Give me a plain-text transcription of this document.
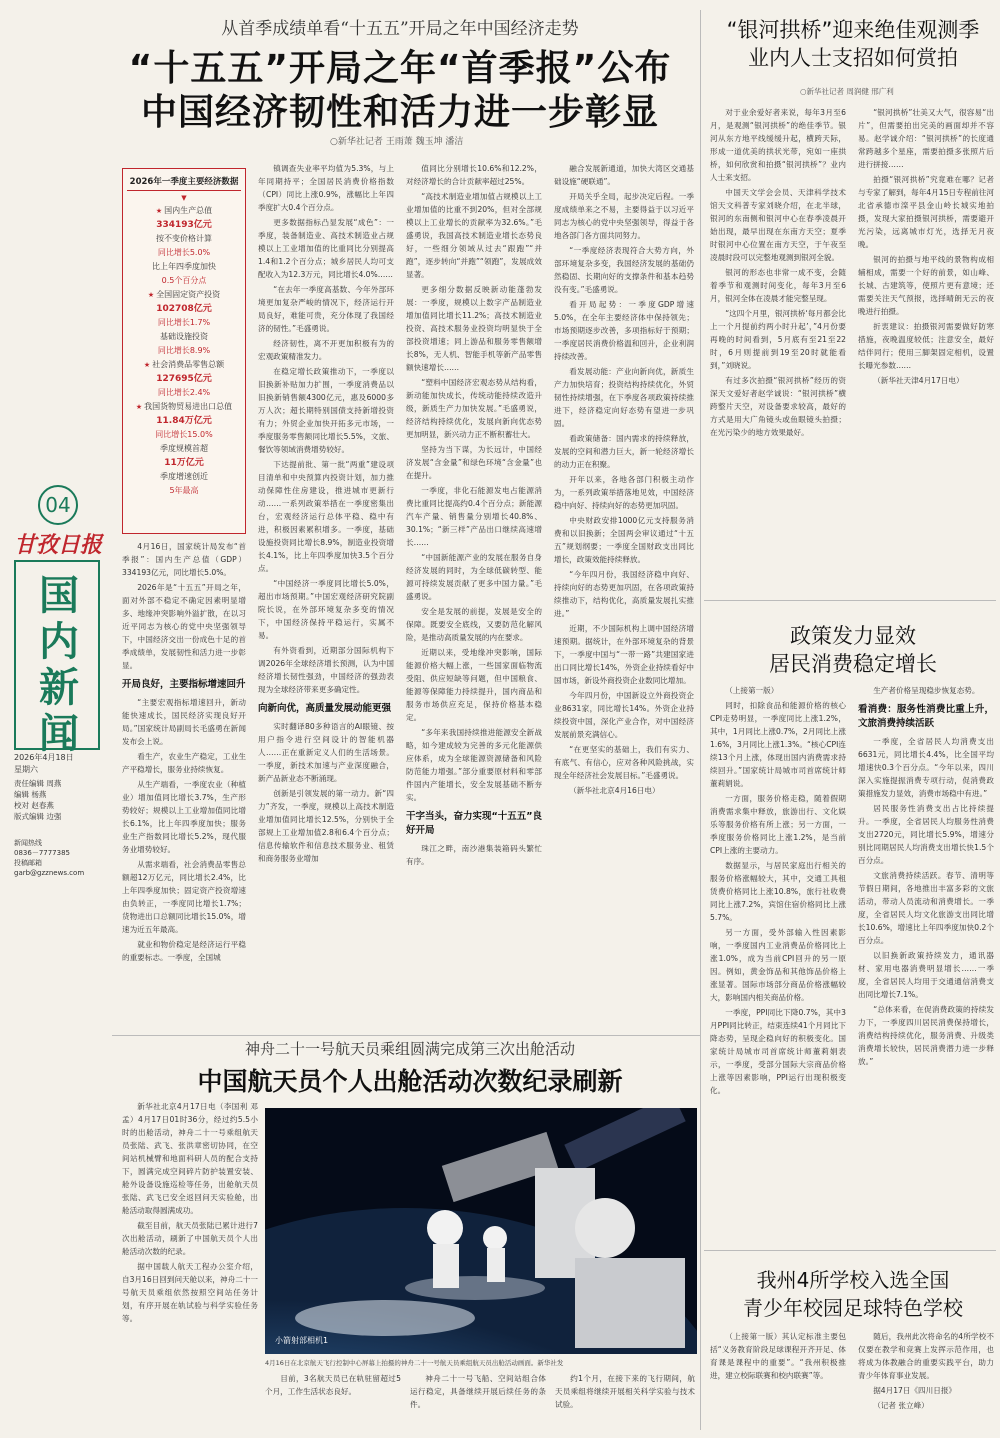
从首季成绩单看“十五五”开局之年中国经济走势
“十五五”开局之年“首季报”公布
中国经济韧性和活力进一步彰显
○新华社记者 王雨萧 魏玉坤 潘洁
04
甘孜日报
国
内
新
闻
2026年4月18日
星期六
责任编辑 周燕
编辑 杨燕
校对 赵春燕
版式编辑 边强
新闻热线
0836－7777385
投稿邮箱
garb@gzznews.com
2026年一季度主要经济数据
▼
★ 国内生产总值
334193亿元
按不变价格计算
同比增长5.0%
比上年四季度加快
0.5个百分点
★ 全国固定资产投资
102708亿元
同比增长1.7%
基础设施投资
同比增长8.9%
★ 社会消费品零售总额
127695亿元
同比增长2.4%
★ 我国货物贸易进出口总值
11.84万亿元
同比增长15.0%
季度规模首超
11万亿元
季度增速创近
5年最高

4月16日，国家统计局发布“首季报”：国内生产总值（GDP）334193亿元，同比增长5.0%。

2026年是“十五五”开局之年，面对外部不稳定不确定因素明显增多、地缘冲突影响外溢扩散，在以习近平同志为核心的党中央坚强领导下，中国经济交出一份成色十足的首季成绩单，发展韧性和活力进一步彰显。

开局良好，主要指标增速回升

“主要宏观指标增速回升，新动能快速成长，国民经济实现良好开局。”国家统计局副局长毛盛勇在新闻发布会上说。

看生产，农业生产稳定，工业生产平稳增长，服务业持续恢复。

从生产端看，一季度农业（种植业）增加值同比增长3.7%，生产形势较好；规模以上工业增加值同比增长6.1%，比上年四季度加快；服务业生产指数同比增长5.2%，现代服务业增势较好。

从需求端看，社会消费品零售总额超12万亿元，同比增长2.4%，比上年四季度加快；固定资产投资增速由负转正，一季度同比增长1.7%；货物进出口总额同比增长15.0%，增速为近五年最高。

就业和物价稳定是经济运行平稳的重要标志。一季度，全国城

镇调查失业率平均值为5.3%，与上年同期持平；全国居民消费价格指数（CPI）同比上涨0.9%，涨幅比上年四季度扩大0.4个百分点。

更多数据指标凸显发展“成色”：一季度，装备制造业、高技术制造业占规模以上工业增加值的比重同比分别提高1.4和1.2个百分点；城乡居民人均可支配收入为12.3万元，同比增长4.0%……

“在去年一季度高基数、今年外部环境更加复杂严峻的情况下，经济运行开局良好，难能可贵，充分体现了我国经济的韧性。”毛盛勇说。

经济韧性，离不开更加积极有为的宏观政策精准发力。

在稳定增长政策推动下，一季度以旧换新补贴加力扩围，一季度消费品以旧换新销售额4300亿元，惠及6000多万人次；超长期特别国债支持新增投资有力；外贸企业加快开拓多元市场，一季度服务零售额同比增长5.5%，文旅、餐饮等领域消费增势较好。

下达提前批、第一批“两重”建设项目清单和中央预算内投资计划，加力推动保障性住房建设，推进城市更新行动……一系列政策举措在一季度密集出台，宏观经济运行总体平稳、稳中有进，积极因素累积增多。一季度，基础设施投资同比增长8.9%，制造业投资增长4.1%，比上年四季度加快3.5个百分点。

“中国经济一季度同比增长5.0%，超出市场预期。”中国宏观经济研究院副院长说，在外部环境复杂多变的情况下，中国经济保持平稳运行，实属不易。

有外资看到，近期部分国际机构下调2026年全球经济增长预测，认为中国经济增长韧性强劲，中国经济的强劲表现为全球经济带来更多确定性。

向新向优，高质量发展动能更强

实时翻译80多种语言的AI眼镜、按用户指令进行空间设计的智能机器人……正在重新定义人们的生活场景。一季度，新技术加速与产业深度融合，新产品新业态不断涌现。

创新是引领发展的第一动力。新“四力”齐发，一季度，规模以上高技术制造业增加值同比增长12.5%，分别快于全部规上工业增加值2.8和6.4个百分点；信息传输软件和信息技术服务业、租赁和商务服务业增加

值同比分别增长10.6%和12.2%，对经济增长的合计贡献率超过25%。

“高技术制造业增加值占规模以上工业增加值的比重不到20%，但对全部规模以上工业增长的贡献率为32.6%。”毛盛勇说，我国高技术制造业增长态势良好，一些细分领域从过去“跟跑”“并跑”，逐步转向“并跑”“领跑”，发展成效显著。

更多细分数据反映新动能蓬勃发展：一季度，规模以上数字产品制造业增加值同比增长11.2%；高技术制造业投资、高技术服务业投资均明显快于全部投资增速；同上游品和服务零售额增长8%，无人机、智能手机等新产品零售额快速增长……

“塑料中国经济宏观态势从结构看，新动能加快成长，传统动能持续改造升级，新质生产力加快发展。”毛盛勇说，经济结构持续优化，发展向新向优态势更加明显，新兴动力正不断积蓄壮大。

坚持为当下谋，为长远计，中国经济发展“含金量”和绿色环境“含金量”也在提升。

一季度，非化石能源发电占能源消费比重同比提高约0.4个百分点；新能源汽车产量、销售量分别增长40.8%、30.1%；“新三样”产品出口继续高速增长……

“中国新能源产业的发展在服务自身经济发展的同时，为全球低碳转型、能源可持续发展贡献了更多中国力量。”毛盛勇说。

安全是发展的前提，发展是安全的保障。既要安全底线，又要防范化解风险，是推动高质量发展的内在要求。

近期以来，受地缘冲突影响，国际能源价格大幅上涨，一些国家面临物流受阻、供应短缺等问题，但中国粮食、能源等保障能力持续提升，国内商品和服务市场供应充足，保持价格基本稳定。

“多年来我国持续推进能源安全新战略，如今建成较为完善的多元化能源供应体系，成为全球能源资源储备和风险防范能力增强。”部分重要原材料和零部件国内产能增长，安全发展基础不断夯实。

干字当头，奋力实现“十五五”良好开局

珠江之畔，南沙港集装箱码头繁忙有序。

融合发展新通道，加快大湾区交通基础设施“硬联通”。

开局关乎全局，起步决定后程。一季度成绩单来之不易，主要得益于以习近平同志为核心的党中央坚强领导，得益于各地各部门各方面共同努力。

“一季度经济表现符合大势方向，外部环境复杂多变，我国经济发展的基础仍然稳固、长期向好的支撑条件和基本趋势没有变。”毛盛勇说。

看开局起势：一季度GDP增速5.0%，在全年主要经济体中保持领先；市场预期逐步改善，多项指标好于预期；一季度居民消费价格温和回升，企业利润持续改善。

看发展动能：产业向新向优，新质生产力加快培育；投资结构持续优化，外贸韧性持续增强，在下季度各项政策持续推进下，经济稳定向好态势有望进一步巩固。

看政策储备：国内需求的持续释放，发展的空间和潜力巨大，新一轮经济增长的动力正在积聚。

开年以来，各地各部门积极主动作为，一系列政策举措落地见效，中国经济稳中向好、持续向好的态势更加巩固。

中央财政安排1000亿元支持服务消费和以旧换新；全国两会审议通过“十五五”规划纲要；一季度全国财政支出同比增长，政策效能持续释放。

“今年四月份，我国经济稳中向好、持续向好的态势更加巩固，在各项政策持续推动下，结构优化，高质量发展扎实推进。”

近期，不少国际机构上调中国经济增速预期。据统计，在外部环境复杂的背景下，一季度中国与“一带一路”共建国家进出口同比增长14%，外资企业持续看好中国市场，新设外商投资企业数同比增加。

今年四月份，中国新设立外商投资企业8631家，同比增长14%。外资企业持续投资中国，深化产业合作，对中国经济发展前景充满信心。

“在更坚实的基础上，我们有实力、有底气、有信心，应对各种风险挑战，实现全年经济社会发展目标。”毛盛勇说。

（新华社北京4月16日电）

“银河拱桥”迎来绝佳观测季
业内人士支招如何赏拍
○新华社记者 周润健 邢广利

对于业余爱好者来说，每年3月至6月，是观测“银河拱桥”的绝佳季节。银河从东方地平线缓缓升起，横跨天际，形成一道优美的拱状光带，宛如一座拱桥，如何欣赏和拍摄“银河拱桥”？业内人士来支招。

中国天文学会会员、天津科学技术馆天文科普专家刘晓介绍，在北半球，银河的东南侧和银河中心在春季凌晨开始出现，最早出现在东南方天空；夏季时银河中心位置在南方天空，于午夜至凌晨时段可以完整地观测到银河全貌。

银河的形态也非常一成不变，会随着季节和观测时间变化，每年3月至6月，银河全体在凌晨才能完整呈现。

“这四个月里，银河拱桥‘每月都会比上一个月提前约两小时升起’，”4月份要再晚的时间看到，5月底有至21至22时，6月则提前到19至20时就能看到，”刘晓说。

有过多次拍摄“银河拱桥”经历的资深天文爱好者赵学诚说：“银河拱桥”横跨整片天空，对设备要求较高，最好的方式是用大广角镜头或鱼眼镜头拍摄；在光污染少的地方效果最好。

“银河拱桥”壮美又大气，很容易“出片”，但需要拍出完美的画面却并不容易。赵学诚介绍：“银河拱桥”的长度通常跨越多个星座，需要拍摄多张照片后进行拼接……

拍摄“银河拱桥”究竟难在哪？记者与专家了解到，每年4月15日专程前往河北省承德市滦平县金山岭长城实地拍摄，发现大家拍摄银河拱桥，需要避开光污染，远离城市灯光，选择无月夜晚。

银河的拍摄与地平线的景物构成相辅相成，需要一个好的前景，如山峰、长城、古建筑等，使照片更有意境；还需要关注天气预报，选择晴朗无云的夜晚进行拍摄。

折衷建议：拍摄银河需要做好防寒措施，夜晚温度较低；注意安全，最好结伴同行；使用三脚架固定相机，设置长曝光参数……

（新华社天津4月17日电）

政策发力显效
居民消费稳定增长

（上接第一版）

同时，扣除食品和能源价格的核心CPI走势明显，一季度同比上涨1.2%，其中，1月同比上涨0.7%，2月同比上涨1.6%，3月同比上涨1.3%。“核心CPI连续13个月上涨，体现出国内消费需求持续回升。”国家统计局城市司首席统计师董莉娟说。

一方面，服务价格走稳，随着假期消费需求集中释放，旅游出行、文化娱乐等服务价格有所上涨；另一方面，一季度服务价格同比上涨1.2%，是当前CPI上涨的主要动力。

数据显示，与居民家庭出行相关的服务价格涨幅较大，其中，交通工具租赁费价格同比上涨10.8%，旅行社收费同比上涨7.2%，宾馆住宿价格同比上涨5.7%。

另一方面，受外部输入性因素影响，一季度国内工业消费品价格同比上涨1.0%，成为当前CPI回升的另一原因。例如，黄金饰品和其他饰品价格上涨显著。国际市场部分商品价格涨幅较大，影响国内相关商品价格。

一季度，PPI同比下降0.7%，其中3月PPI同比转正，结束连续41个月同比下降态势，呈现企稳向好的积极变化。国家统计局城市司首席统计师董莉娟表示，一季度，受部分国际大宗商品价格上涨等因素影响，PPI运行出现积极变化。

生产者价格呈现稳步恢复态势。

看消费：服务性消费比重上升，文旅消费持续活跃

一季度，全省居民人均消费支出6631元，同比增长4.4%，比全国平均增速快0.3个百分点。“今年以来，四川深入实施提振消费专项行动，促消费政策措施发力显效，消费市场稳中有进。”

居民服务性消费支出占比持续提升。一季度，全省居民人均服务性消费支出2720元，同比增长5.9%，增速分别比同期居民人均消费支出增长快1.5个百分点。

文旅消费持续活跃。春节、清明等节假日期间，各地推出丰富多彩的文旅活动，带动人员流动和消费增长。一季度，全省居民人均文化旅游支出同比增长10.6%，增速比上年四季度加快0.2个百分点。

以旧换新政策持续发力，通讯器材、家用电器消费明显增长……一季度，全省居民人均用于交通通信消费支出同比增长7.1%。

“总体来看，在促消费政策的持续发力下，一季度四川居民消费保持增长，消费结构持续优化，服务消费、升级类消费增长较快，居民消费潜力进一步释放。”

我州4所学校入选全国
青少年校园足球特色学校

（上接第一版）其认定标准主要包括“义务教育阶段足球课程开齐开足、体育课是课程中的重要”。“我州积极推进，建立校际联赛和校内联赛”等。

随后，我州此次将命名的4所学校不仅要在教学和竞赛上发挥示范作用，也将成为体教融合的重要实践平台，助力青少年体育事业发展。

据4月17日《四川日报》

（记者 张立峰）

神舟二十一号航天员乘组圆满完成第三次出舱活动
中国航天员个人出舱活动次数纪录刷新

新华社北京4月17日电（李国利 邓孟）4月17日01时36分，经过约5.5小时的出舱活动，神舟二十一号乘组航天员张陆、武飞、张洪章密切协同，在空间站机械臂和地面科研人员的配合支持下，圆满完成空间碎片防护装置安装、舱外设备设施巡检等任务，出舱航天员张陆、武飞已安全返回问天实验舱，出舱活动取得圆满成功。

截至目前，航天员张陆已累计进行7次出舱活动，刷新了中国航天员个人出舱活动次数的纪录。

据中国载人航天工程办公室介绍，自3月16日回到问天舱以来，神舟二十一号航天员乘组依然按照空间站任务计划，有序开展在轨试验与科学实验任务等。

小箭射部相机1
4月16日在北京航天飞行控制中心屏幕上拍摄的神舟二十一号航天员乘组航天员出舱活动画面。新华社发

目前，3名航天员已在轨驻留超过5个月，工作生活状态良好。

神舟二十一号飞船、空间站组合体运行稳定，具备继续开展后续任务的条件。

约1个月，在接下来的飞行期间，航天员乘组将继续开展相关科学实验与技术试验。
